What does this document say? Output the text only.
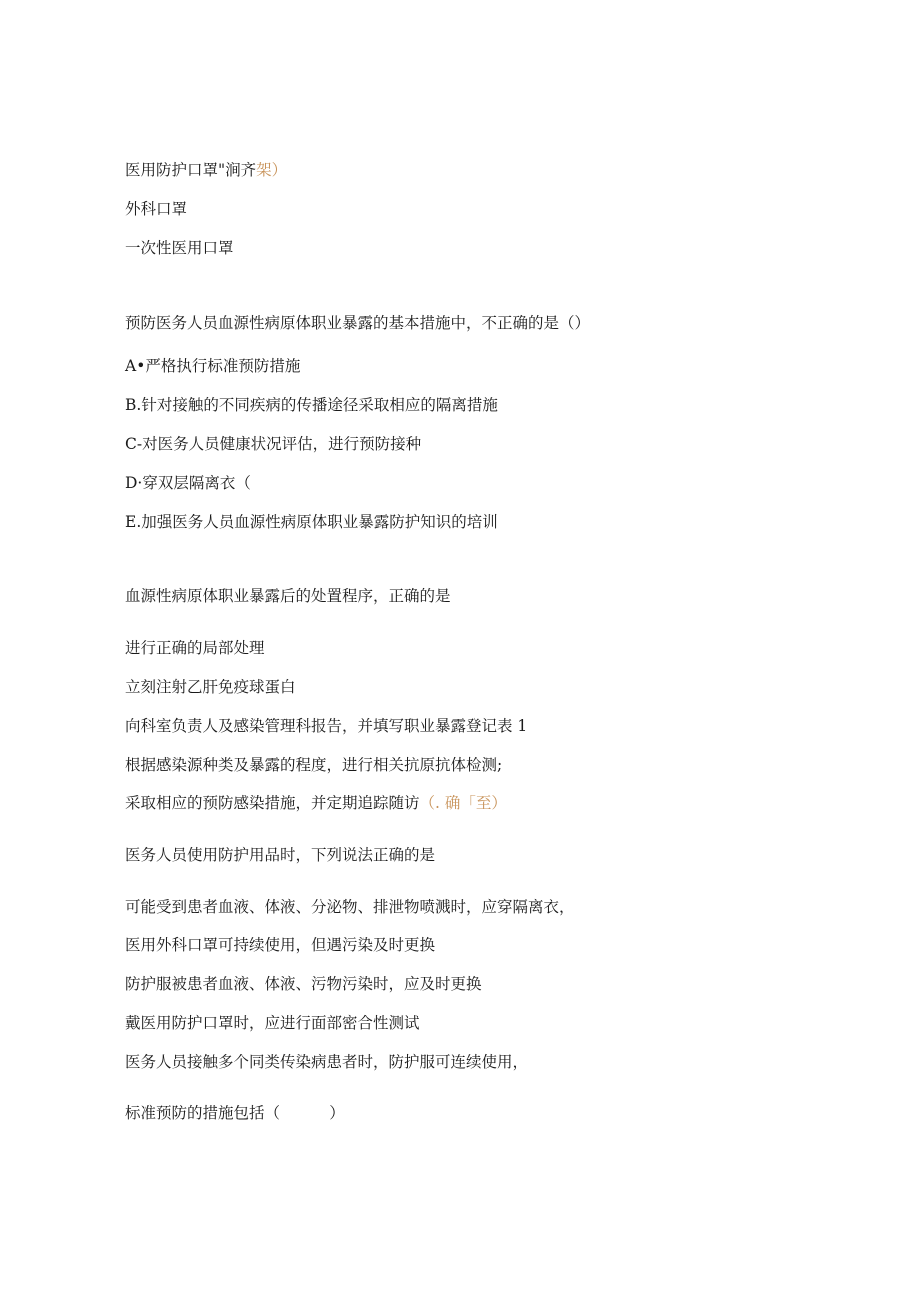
医用防护口罩"涧齐架）
外科口罩
一次性医用口罩
预防医务人员血源性病原体职业暴露的基本措施中，不正确的是（）
A•严格执行标准预防措施
B.针对接触的不同疾病的传播途径采取相应的隔离措施
C-对医务人员健康状况评估，进行预防接种
D·穿双层隔离衣（
E.加强医务人员血源性病原体职业暴露防护知识的培训
血源性病原体职业暴露后的处置程序，正确的是
进行正确的局部处理
立刻注射乙肝免疫球蛋白
向科室负责人及感染管理科报告，并填写职业暴露登记表 1
根据感染源种类及暴露的程度，进行相关抗原抗体检测;
采取相应的预防感染措施，并定期追踪随访（. 确「至）
医务人员使用防护用品时，下列说法正确的是
可能受到患者血液、体液、分泌物、排泄物喷溅时，应穿隔离衣，
医用外科口罩可持续使用，但遇污染及时更换
防护服被患者血液、体液、污物污染时，应及时更换
戴医用防护口罩时，应进行面部密合性测试
医务人员接触多个同类传染病患者时，防护服可连续使用，
标准预防的措施包括（          ）
